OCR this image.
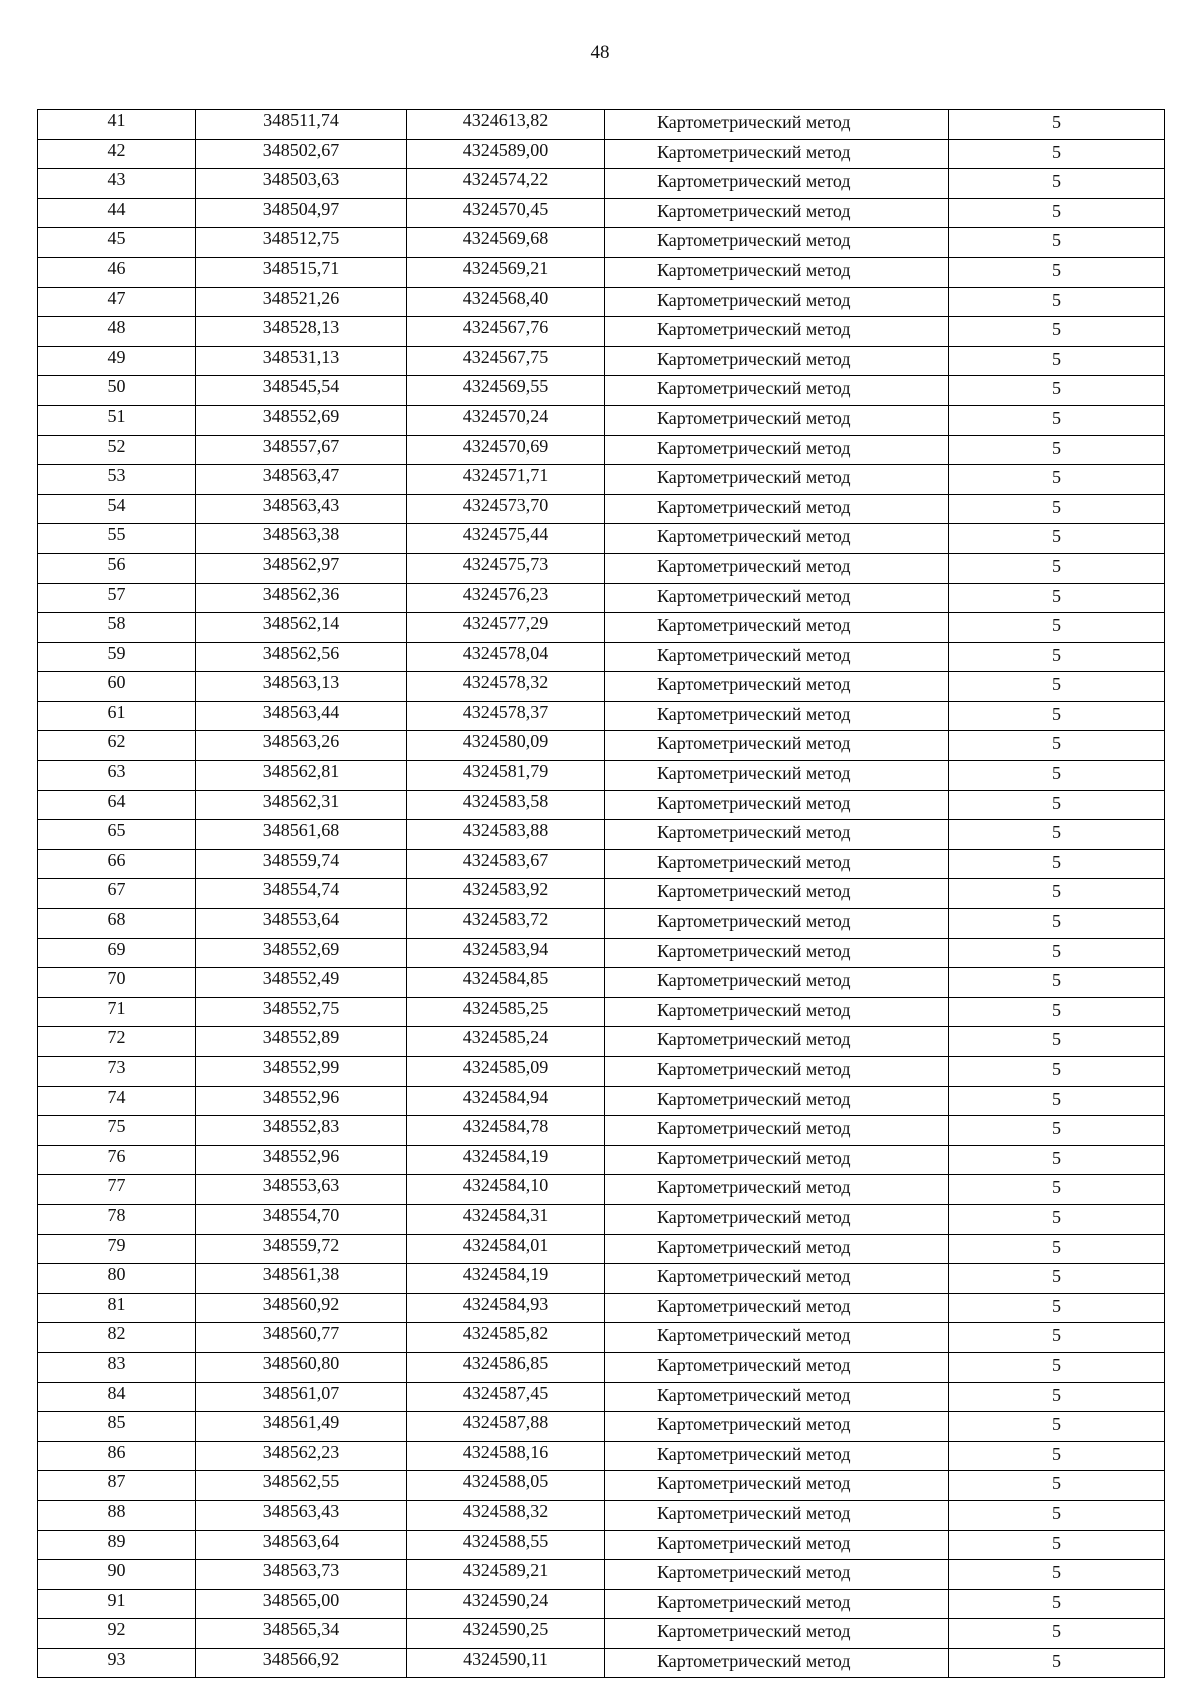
48
41	348511,74	4324613,82	Картометрический метод	5
42	348502,67	4324589,00	Картометрический метод	5
43	348503,63	4324574,22	Картометрический метод	5
44	348504,97	4324570,45	Картометрический метод	5
45	348512,75	4324569,68	Картометрический метод	5
46	348515,71	4324569,21	Картометрический метод	5
47	348521,26	4324568,40	Картометрический метод	5
48	348528,13	4324567,76	Картометрический метод	5
49	348531,13	4324567,75	Картометрический метод	5
50	348545,54	4324569,55	Картометрический метод	5
51	348552,69	4324570,24	Картометрический метод	5
52	348557,67	4324570,69	Картометрический метод	5
53	348563,47	4324571,71	Картометрический метод	5
54	348563,43	4324573,70	Картометрический метод	5
55	348563,38	4324575,44	Картометрический метод	5
56	348562,97	4324575,73	Картометрический метод	5
57	348562,36	4324576,23	Картометрический метод	5
58	348562,14	4324577,29	Картометрический метод	5
59	348562,56	4324578,04	Картометрический метод	5
60	348563,13	4324578,32	Картометрический метод	5
61	348563,44	4324578,37	Картометрический метод	5
62	348563,26	4324580,09	Картометрический метод	5
63	348562,81	4324581,79	Картометрический метод	5
64	348562,31	4324583,58	Картометрический метод	5
65	348561,68	4324583,88	Картометрический метод	5
66	348559,74	4324583,67	Картометрический метод	5
67	348554,74	4324583,92	Картометрический метод	5
68	348553,64	4324583,72	Картометрический метод	5
69	348552,69	4324583,94	Картометрический метод	5
70	348552,49	4324584,85	Картометрический метод	5
71	348552,75	4324585,25	Картометрический метод	5
72	348552,89	4324585,24	Картометрический метод	5
73	348552,99	4324585,09	Картометрический метод	5
74	348552,96	4324584,94	Картометрический метод	5
75	348552,83	4324584,78	Картометрический метод	5
76	348552,96	4324584,19	Картометрический метод	5
77	348553,63	4324584,10	Картометрический метод	5
78	348554,70	4324584,31	Картометрический метод	5
79	348559,72	4324584,01	Картометрический метод	5
80	348561,38	4324584,19	Картометрический метод	5
81	348560,92	4324584,93	Картометрический метод	5
82	348560,77	4324585,82	Картометрический метод	5
83	348560,80	4324586,85	Картометрический метод	5
84	348561,07	4324587,45	Картометрический метод	5
85	348561,49	4324587,88	Картометрический метод	5
86	348562,23	4324588,16	Картометрический метод	5
87	348562,55	4324588,05	Картометрический метод	5
88	348563,43	4324588,32	Картометрический метод	5
89	348563,64	4324588,55	Картометрический метод	5
90	348563,73	4324589,21	Картометрический метод	5
91	348565,00	4324590,24	Картометрический метод	5
92	348565,34	4324590,25	Картометрический метод	5
93	348566,92	4324590,11	Картометрический метод	5
